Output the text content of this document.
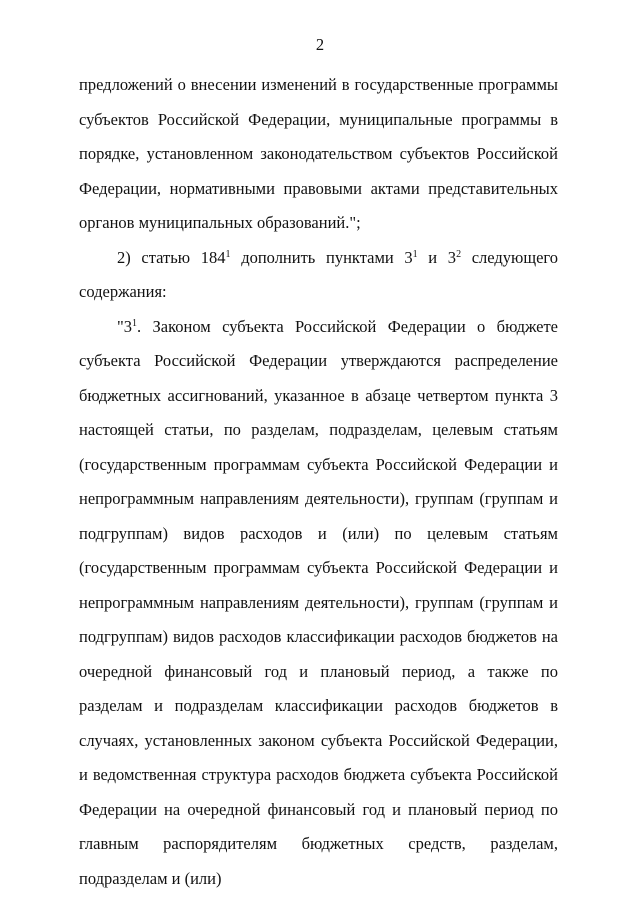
2

предложений о внесении изменений в государственные программы субъектов Российской Федерации, муниципальные программы в порядке, установленном законодательством субъектов Российской Федерации, нормативными правовыми актами представительных органов муниципальных образований.";

2) статью $184^1$ дополнить пунктами $3^1$ и $3^2$ следующего содержания:

"$3^1$. Законом субъекта Российской Федерации о бюджете субъекта Российской Федерации утверждаются распределение бюджетных ассигнований, указанное в абзаце четвертом пункта 3 настоящей статьи, по разделам, подразделам, целевым статьям (государственным программам субъекта Российской Федерации и непрограммным направлениям деятельности), группам (группам и подгруппам) видов расходов и (или) по целевым статьям (государственным программам субъекта Российской Федерации и непрограммным направлениям деятельности), группам (группам и подгруппам) видов расходов классификации расходов бюджетов на очередной финансовый год и плановый период, а также по разделам и подразделам классификации расходов бюджетов в случаях, установленных законом субъекта Российской Федерации, и ведомственная структура расходов бюджета субъекта Российской Федерации на очередной финансовый год и плановый период по главным распорядителям бюджетных средств, разделам, подразделам и (или)
